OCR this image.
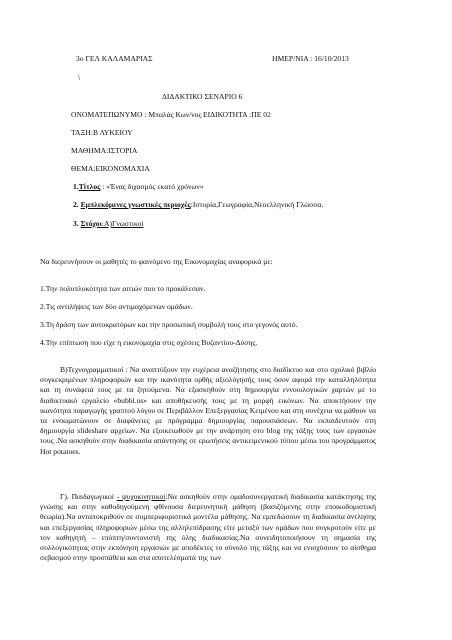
3ο ΓΕΛ ΚΑΛΑΜΑΡΙΑΣ	ΗΜΕΡ/ΝΙΑ : 16/10/2013
\
ΔΙΔΑΚΤΙΚΟ ΣΕΝΑΡΙΟ 6
ΟΝΟΜΑΤΕΠΩΝΥΜΟ : Μπαλάς Κων/νος .
ΕΙΔΙΚΟΤΗΤΑ :ΠΕ 02
ΤΑΞΗ:Β ΛΥΚΕΙΟΥ
ΜΑΘΗΜΑ:ΙΣΤΟΡΙΑ
ΘΕΜΑ:ΕΙΚΟΝΟΜΑΧΙΑ
1.Τίτλος : «Ένας διχασμός εκατό χρόνων»
2. Εμπλεκόμενες γνωστικές περιοχές:Ιστορία,Γεωγραφία,Νεοελληνική Γλώσσα.
3. Στόχοι:Α)Γνωστικοί
Να διερευνήσουν οι μαθητές το φαινόμενο της Εικονομαχίας αναφορικά με:
1.Την πολυπλοκότητα των αιτιών που το προκάλεσαν.
2.Τις αντιλήψεις των δύο αντιμαχόμενων ομάδων.
3.Τη δράση των αυτοκρατόρων και την προσωπική συμβολή τους στο γεγονός αυτό.
4.Την επίπτωση που είχε η εικονομαχία στις σχέσεις Βυζαντίου-Δύσης.
Β)Τεχνογραμματικοί : Να αναπτύξουν την ευχέρεια αναζήτησης στο διαδίκτυο και στο σχολικό βιβλίο συγκεκριμένων πληροφοριών και την ικανότητα ορθής αξιολόγησής τους όσον αφορά την καταλληλότητα και τη συνάφειά τους με τα ζητούμενα. Να εξασκηθούν στη δημιουργία εννοιολογικών χαρτών με το διαδικτυακό εργαλείο «bubbl.us» και αποθήκευσής τους με τη μορφή εικόνων. Να αποκτήσουν την ικανότητα παραγωγής γραπτού λόγου σε Περιβάλλον Επεξεργασίας Κειμένου και στη συνέχεια να μάθουν να τα ενσωματώνουν σε διαφάνειες με πρόγραμμα δημιουργίας παρουσιάσεων. Να εκπαιδευτούν στη δημιουργία slideshare αρχείων. Να εξοικειωθούν με την ανάρτηση στο blog της τάξης τους των εργασιών τους .Να ασκηθούν στην διαδικασία απάντησης σε ερωτήσεις αντικειμενικού τύπου μέσω του προγράμματος Hot potatoes.
Γ). Παιδαγωγικοί - ψυχοκινητικοί:Να ασκηθούν στην ομαδοσυνεργατική διαδικασία κατάκτησης της γνώσης και στην καθοδηγούμενη φθίνουσα διερευνητική μάθηση (βασιζόμενης στην εποικοδομιστική θεωρία).Να ανταποκριθούν σε συμπεριφοριστικά μοντέλα μάθησης. Να εμπεδώσουν τη διαδικασία άντλησης και επεξεργασίας πληροφοριών μέσω της αλληλεπίδρασης είτε μεταξύ των ομάδων που συγκροτούν είτε με τον καθηγητή – επόπτη/συντονιστή της όλης διαδικασίας.Να συνειδητοποιήσουν τη σημασία της συλλογικότητας στην εκπόνηση εργασιών με αποδέκτες το σύνολο της τάξης και να ενισχύσουν το αίσθημα σεβασμού στην προσπάθεια και στα αποτελέσματά της των
